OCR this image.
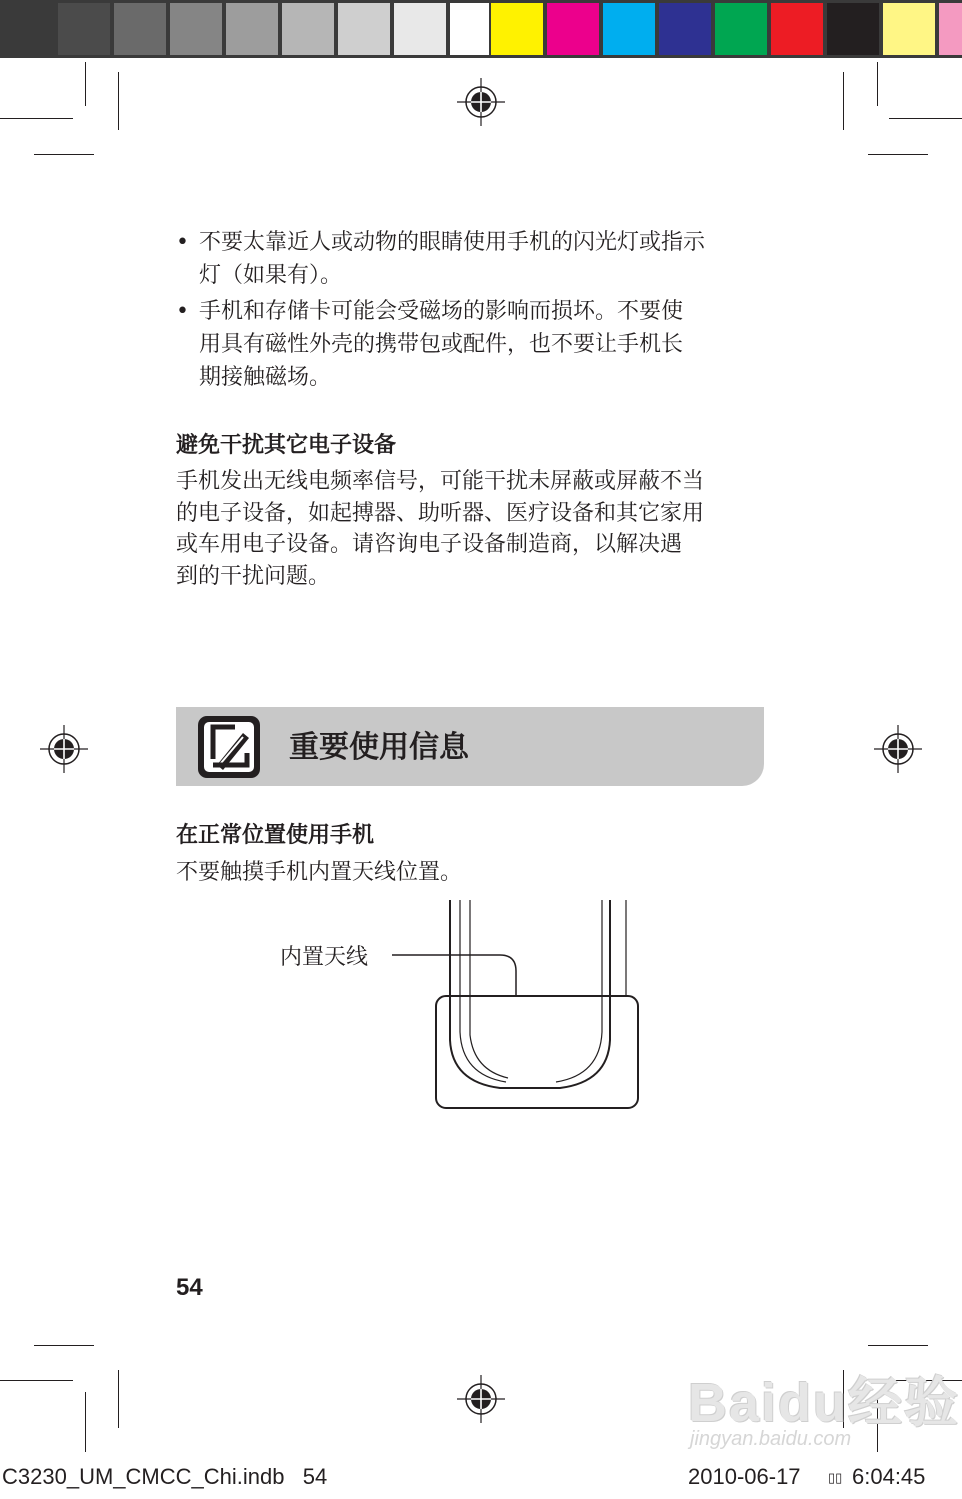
• 不要太靠近人或动物的眼睛使用手机的闪光灯或指示
灯（如果有）。
• 手机和存储卡可能会受磁场的影响而损坏。不要使
用具有磁性外壳的携带包或配件，也不要让手机长
期接触磁场。
避免干扰其它电子设备
手机发出无线电频率信号，可能干扰未屏蔽或屏蔽不当
的电子设备，如起搏器、助听器、医疗设备和其它家用
或车用电子设备。请咨询电子设备制造商，以解决遇
到的干扰问题。
重要使用信息
在正常位置使用手机
不要触摸手机内置天线位置。
内置天线
54
Baidu经验
jingyan.baidu.com
C3230_UM_CMCC_Chi.indb   54	2010-06-17 ▯▯ 6:04:45
